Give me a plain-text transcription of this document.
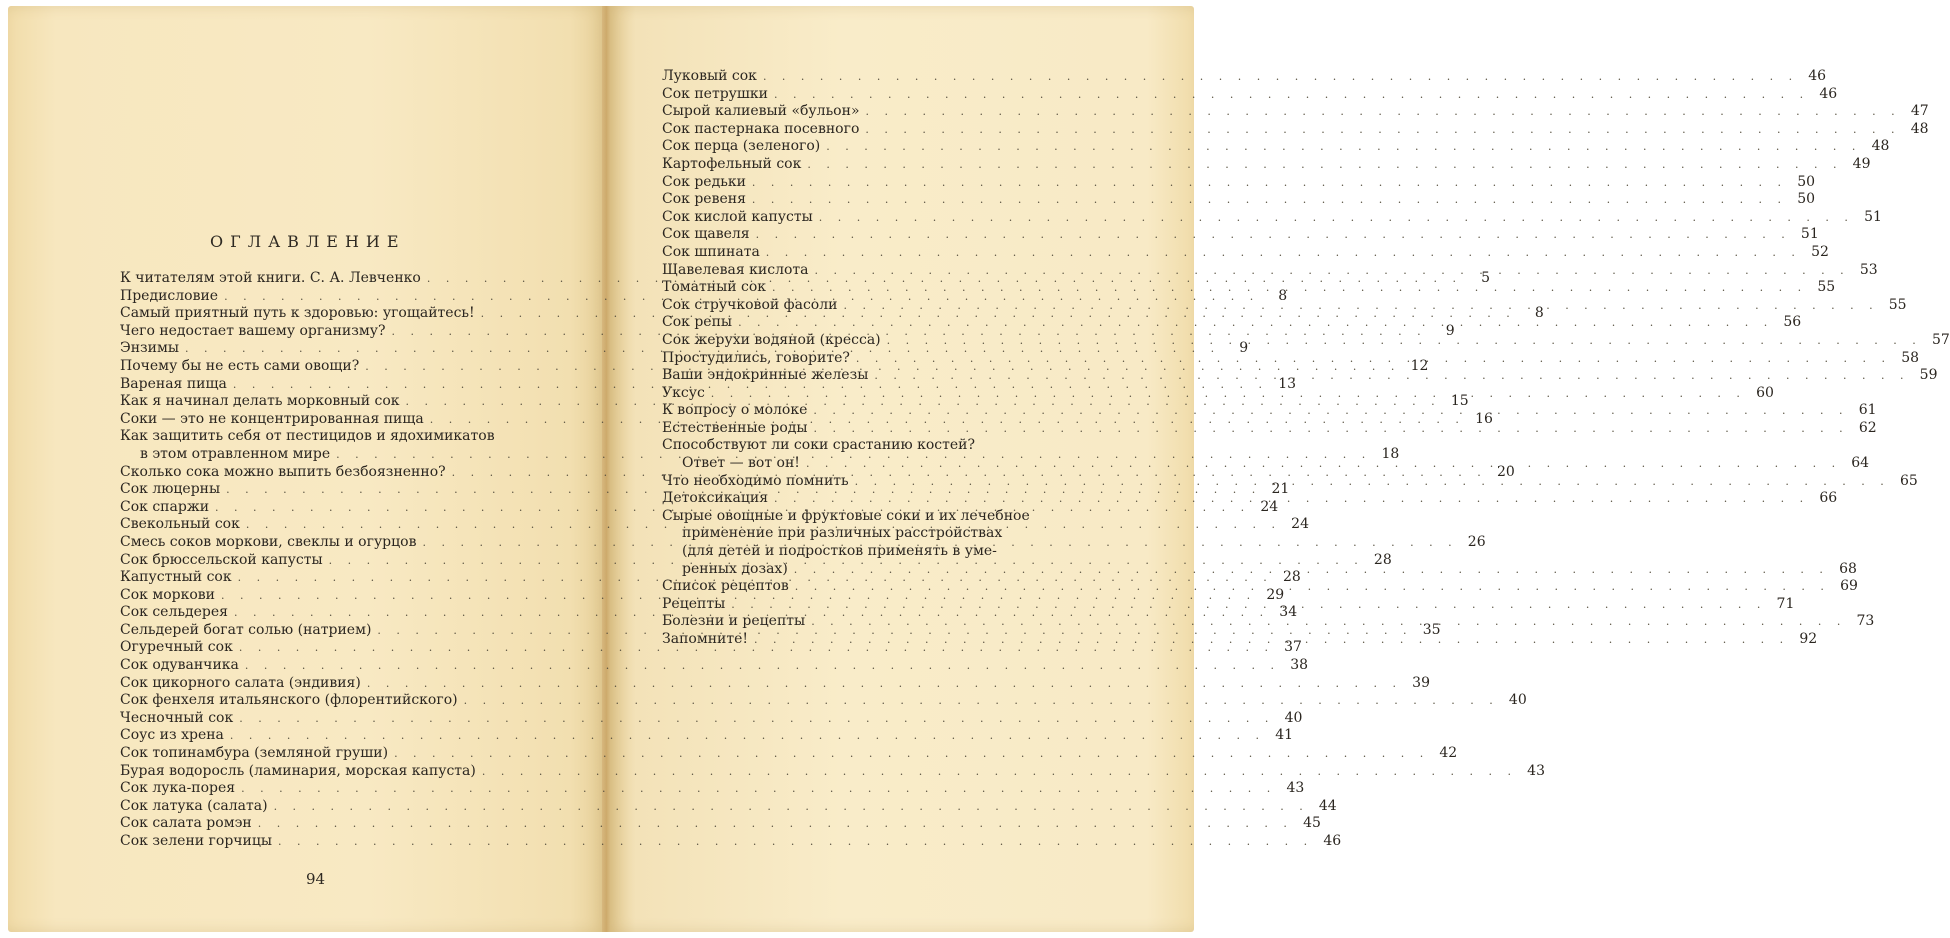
ОГЛАВЛЕНИЕ
К читателям этой книги. С. А. Левченко . . .	5
Предисловие . . .	8
Самый приятный путь к здоровью: угощайтесь! . . .	8
Чего недостает вашему организму? . . .	9
Энзимы . . .	9
Почему бы не есть сами овощи? . . .	12
Вареная пища . . .	13
Как я начинал делать морковный сок . . .	15
Соки — это не концентрированная пища . . .	16
Как защитить себя от пестицидов и ядохимикатов
в этом отравленном мире . . .	18
Сколько сока можно выпить безбоязненно? . . .	20
Сок люцерны . . .	21
Сок спаржи . . .	24
Свекольный сок . . .	24
Смесь соков моркови, свеклы и огурцов . . .	26
Сок брюссельской капусты . . .	28
Капустный сок . . .	28
Сок моркови . . .	29
Сок сельдерея . . .	34
Сельдерей богат солью (натрием) . . .	35
Огуречный сок . . .	37
Сок одуванчика . . .	38
Сок цикорного салата (эндивия) . . .	39
Сок фенхеля итальянского (флорентийского) . . .	40
Чесночный сок . . .	40
Соус из хрена . . .	41
Сок топинамбура (земляной груши) . . .	42
Бурая водоросль (ламинария, морская капуста) . . .	43
Сок лука-порея . . .	43
Сок латука (салата) . . .	44
Сок салата ромэн . . .	45
Сок зелени горчицы . . .	46
Луковый сок . . .	46
Сок петрушки . . .	46
Сырой калиевый «бульон» . . .	47
Сок пастернака посевного . . .	48
Сок перца (зеленого) . . .	48
Картофельный сок . . .	49
Сок редьки . . .	50
Сок ревеня . . .	50
Сок кислой капусты . . .	51
Сок щавеля . . .	51
Сок шпината . . .	52
Щавелевая кислота . . .	53
Томатный сок . . .	55
Сок стручковой фасоли . . .	55
Сок репы . . .	56
Сок жерухи водяной (кресса) . . .	57
Простудились, говорите? . . .	58
Ваши эндокринные железы . . .	59
Уксус . . .	60
К вопросу о молоке . . .	61
Естественные роды . . .	62
Способствуют ли соки срастанию костей?
Ответ — вот он! . . .	64
Что необходимо помнить . . .	65
Детоксикация . . .	66
Сырые овощные и фруктовые соки и их лечебное
применение при различных расстройствах
(для детей и подростков применять в уме-
ренных дозах) . . .	68
Список рецептов . . .	69
Рецепты . . .	71
Болезни и рецепты . . .	73
Запомните! . . .	92
94
